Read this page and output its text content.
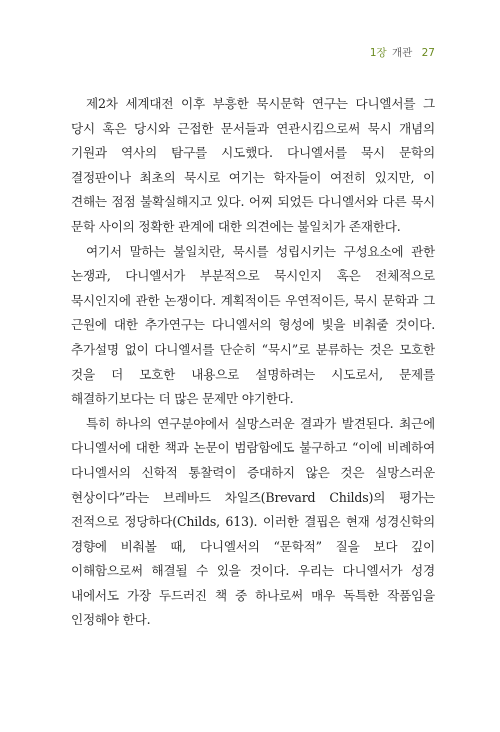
1장 개관 27

제2차 세계대전 이후 부흥한 묵시문학 연구는 다니엘서를 그 당시 혹은 당시와 근접한 문서들과 연관시킴으로써 묵시 개념의 기원과 역사의 탐구를 시도했다. 다니엘서를 묵시 문학의 결정판이나 최초의 묵시로 여기는 학자들이 여전히 있지만, 이 견해는 점점 불확실해지고 있다. 어찌 되었든 다니엘서와 다른 묵시 문학 사이의 정확한 관계에 대한 의견에는 불일치가 존재한다.

여기서 말하는 불일치란, 묵시를 성립시키는 구성요소에 관한 논쟁과, 다니엘서가 부분적으로 묵시인지 혹은 전체적으로 묵시인지에 관한 논쟁이다. 계획적이든 우연적이든, 묵시 문학과 그 근원에 대한 추가연구는 다니엘서의 형성에 빛을 비춰줄 것이다. 추가설명 없이 다니엘서를 단순히 “묵시”로 분류하는 것은 모호한 것을 더 모호한 내용으로 설명하려는 시도로서, 문제를 해결하기보다는 더 많은 문제만 야기한다.

특히 하나의 연구분야에서 실망스러운 결과가 발견된다. 최근에 다니엘서에 대한 책과 논문이 범람함에도 불구하고 “이에 비례하여 다니엘서의 신학적 통찰력이 증대하지 않은 것은 실망스러운 현상이다”라는 브레바드 차일즈(Brevard Childs)의 평가는 전적으로 정당하다(Childs, 613). 이러한 결핍은 현재 성경신학의 경향에 비춰볼 때, 다니엘서의 “문학적” 질을 보다 깊이 이해함으로써 해결될 수 있을 것이다. 우리는 다니엘서가 성경 내에서도 가장 두드러진 책 중 하나로써 매우 독특한 작품임을 인정해야 한다.
